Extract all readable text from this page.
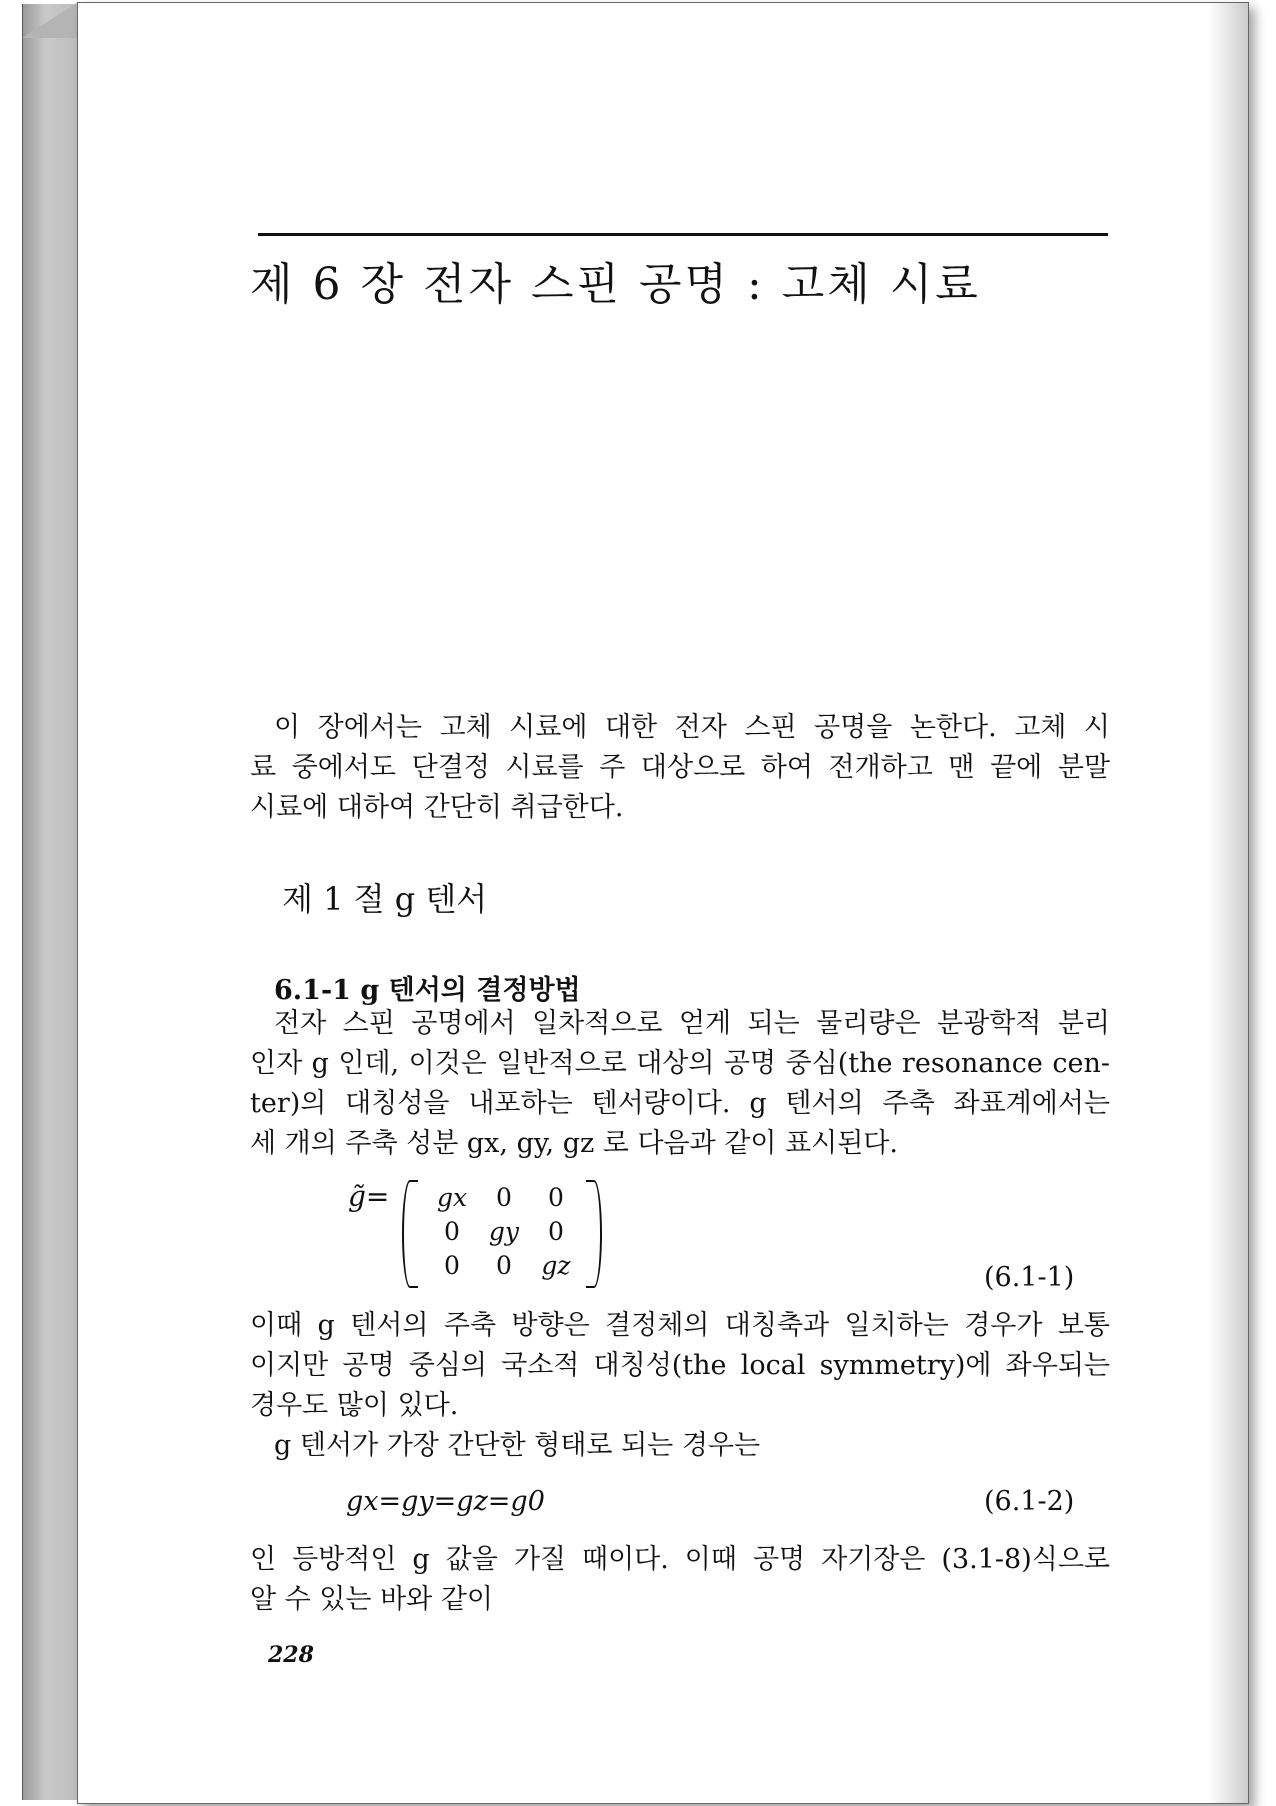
제 6 장 전자 스핀 공명 : 고체 시료
이 장에서는 고체 시료에 대한 전자 스핀 공명을 논한다. 고체 시
료 중에서도 단결정 시료를 주 대상으로 하여 전개하고 맨 끝에 분말
시료에 대하여 간단히 취급한다.
제 1 절 g 텐서
6.1-1 g 텐서의 결정방법
전자 스핀 공명에서 일차적으로 얻게 되는 물리량은 분광학적 분리
인자 g 인데, 이것은 일반적으로 대상의 공명 중심(the resonance cen-
ter)의 대칭성을 내포하는 텐서량이다. g 텐서의 주축 좌표계에서는
세 개의 주축 성분 gx, gy, gz 로 다음과 같이 표시된다.
g̃= gx	0	0
0	gy	0
0	0	gz	(6.1-1)
이때 g 텐서의 주축 방향은 결정체의 대칭축과 일치하는 경우가 보통
이지만 공명 중심의 국소적 대칭성(the local symmetry)에 좌우되는
경우도 많이 있다.
g 텐서가 가장 간단한 형태로 되는 경우는
gx=gy=gz=g0	(6.1-2)
인 등방적인 g 값을 가질 때이다. 이때 공명 자기장은 (3.1-8)식으로
알 수 있는 바와 같이
228
